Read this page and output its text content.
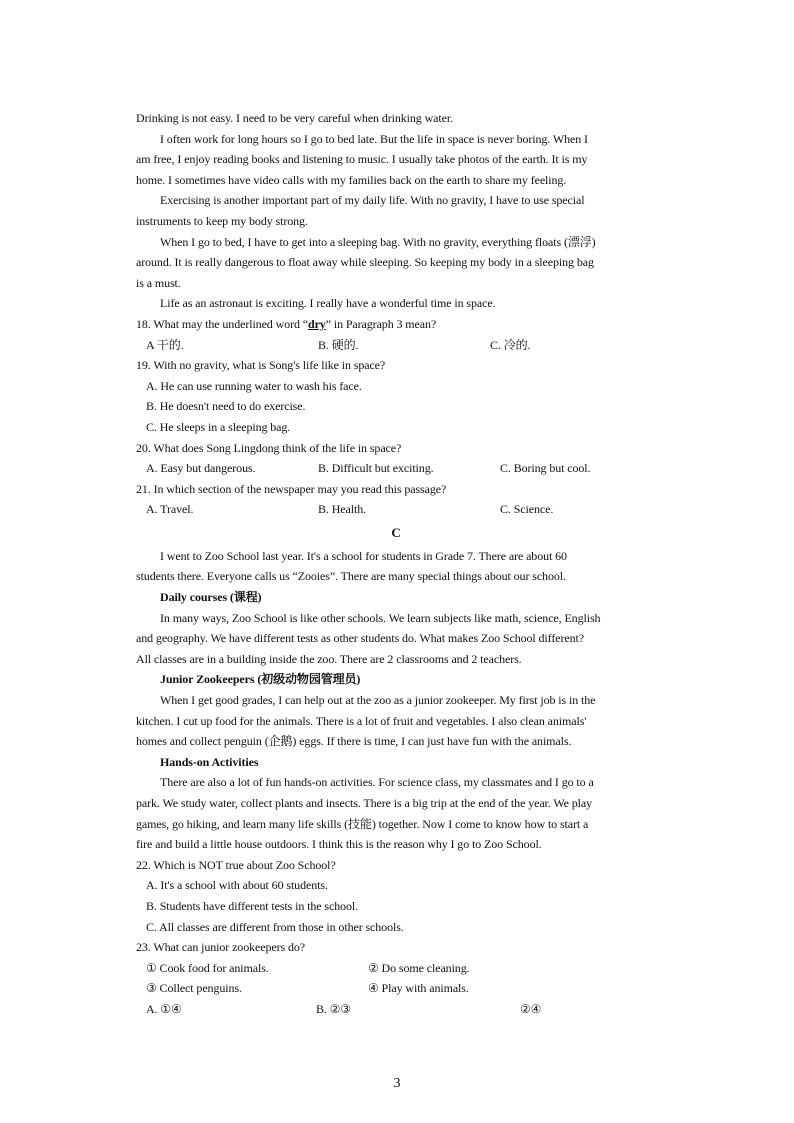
Drinking is not easy. I need to be very careful when drinking water.
I often work for long hours so I go to bed late. But the life in space is never boring. When I
am free, I enjoy reading books and listening to music. I usually take photos of the earth. It is my
home. I sometimes have video calls with my families back on the earth to share my feeling.
Exercising is another important part of my daily life. With no gravity, I have to use special
instruments to keep my body strong.
When I go to bed, I have to get into a sleeping bag. With no gravity, everything floats (漂浮)
around. It is really dangerous to float away while sleeping. So keeping my body in a sleeping bag
is a must.
Life as an astronaut is exciting. I really have a wonderful time in space.
18. What may the underlined word “dry” in Paragraph 3 mean?
A 干的.	B. 硬的.	C. 冷的.
19. With no gravity, what is Song's life like in space?
A. He can use running water to wash his face.
B. He doesn't need to do exercise.
C. He sleeps in a sleeping bag.
20. What does Song Lingdong think of the life in space?
A. Easy but dangerous.	B. Difficult but exciting.	C. Boring but cool.
21. In which section of the newspaper may you read this passage?
A. Travel.	B. Health.	C. Science.
C
I went to Zoo School last year. It's a school for students in Grade 7. There are about 60
students there. Everyone calls us “Zooies”. There are many special things about our school.
Daily courses (课程)
In many ways, Zoo School is like other schools. We learn subjects like math, science, English
and geography. We have different tests as other students do. What makes Zoo School different?
All classes are in a building inside the zoo. There are 2 classrooms and 2 teachers.
Junior Zookeepers (初级动物园管理员)
When I get good grades, I can help out at the zoo as a junior zookeeper. My first job is in the
kitchen. I cut up food for the animals. There is a lot of fruit and vegetables. I also clean animals'
homes and collect penguin (企鹅) eggs. If there is time, I can just have fun with the animals.
Hands-on Activities
There are also a lot of fun hands-on activities. For science class, my classmates and I go to a
park. We study water, collect plants and insects. There is a big trip at the end of the year. We play
games, go hiking, and learn many life skills (技能) together. Now I come to know how to start a
fire and build a little house outdoors. I think this is the reason why I go to Zoo School.
22. Which is NOT true about Zoo School?
A. It's a school with about 60 students.
B. Students have different tests in the school.
C. All classes are different from those in other schools.
23. What can junior zookeepers do?
① Cook food for animals.	② Do some cleaning.
③ Collect penguins.	④ Play with animals.
A. ①④	B. ②③	②④
3
